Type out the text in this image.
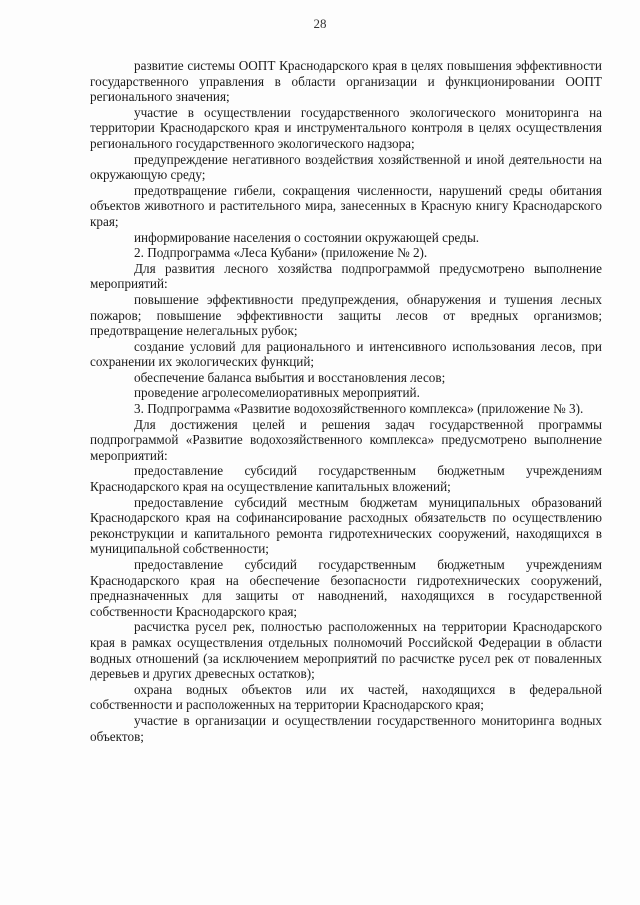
28

развитие системы ООПТ Краснодарского края в целях повышения эффективности государственного управления в области организации и функционировании ООПТ регионального значения;

участие в осуществлении государственного экологического мониторинга на территории Краснодарского края и инструментального контроля в целях осуществления регионального государственного экологического надзора;

предупреждение негативного воздействия хозяйственной и иной деятельности на окружающую среду;

предотвращение гибели, сокращения численности, нарушений среды обитания объектов животного и растительного мира, занесенных в Красную книгу Краснодарского края;

информирование населения о состоянии окружающей среды.

2. Подпрограмма «Леса Кубани» (приложение № 2).

Для развития лесного хозяйства подпрограммой предусмотрено выполнение мероприятий:

повышение эффективности предупреждения, обнаружения и тушения лесных пожаров; повышение эффективности защиты лесов от вредных организмов; предотвращение нелегальных рубок;

создание условий для рационального и интенсивного использования лесов, при сохранении их экологических функций;

обеспечение баланса выбытия и восстановления лесов;

проведение агролесомелиоративных мероприятий.

3. Подпрограмма «Развитие водохозяйственного комплекса» (приложение № 3).

Для достижения целей и решения задач государственной программы подпрограммой «Развитие водохозяйственного комплекса» предусмотрено выполнение мероприятий:

предоставление субсидий государственным бюджетным учреждениям Краснодарского края на осуществление капитальных вложений;

предоставление субсидий местным бюджетам муниципальных образований Краснодарского края на софинансирование расходных обязательств по осуществлению реконструкции и капитального ремонта гидротехнических сооружений, находящихся в муниципальной собственности;

предоставление субсидий государственным бюджетным учреждениям Краснодарского края на обеспечение безопасности гидротехнических сооружений, предназначенных для защиты от наводнений, находящихся в государственной собственности Краснодарского края;

расчистка русел рек, полностью расположенных на территории Краснодарского края в рамках осуществления отдельных полномочий Российской Федерации в области водных отношений (за исключением мероприятий по расчистке русел рек от поваленных деревьев и других древесных остатков);

охрана водных объектов или их частей, находящихся в федеральной собственности и расположенных на территории Краснодарского края;

участие в организации и осуществлении государственного мониторинга водных объектов;
